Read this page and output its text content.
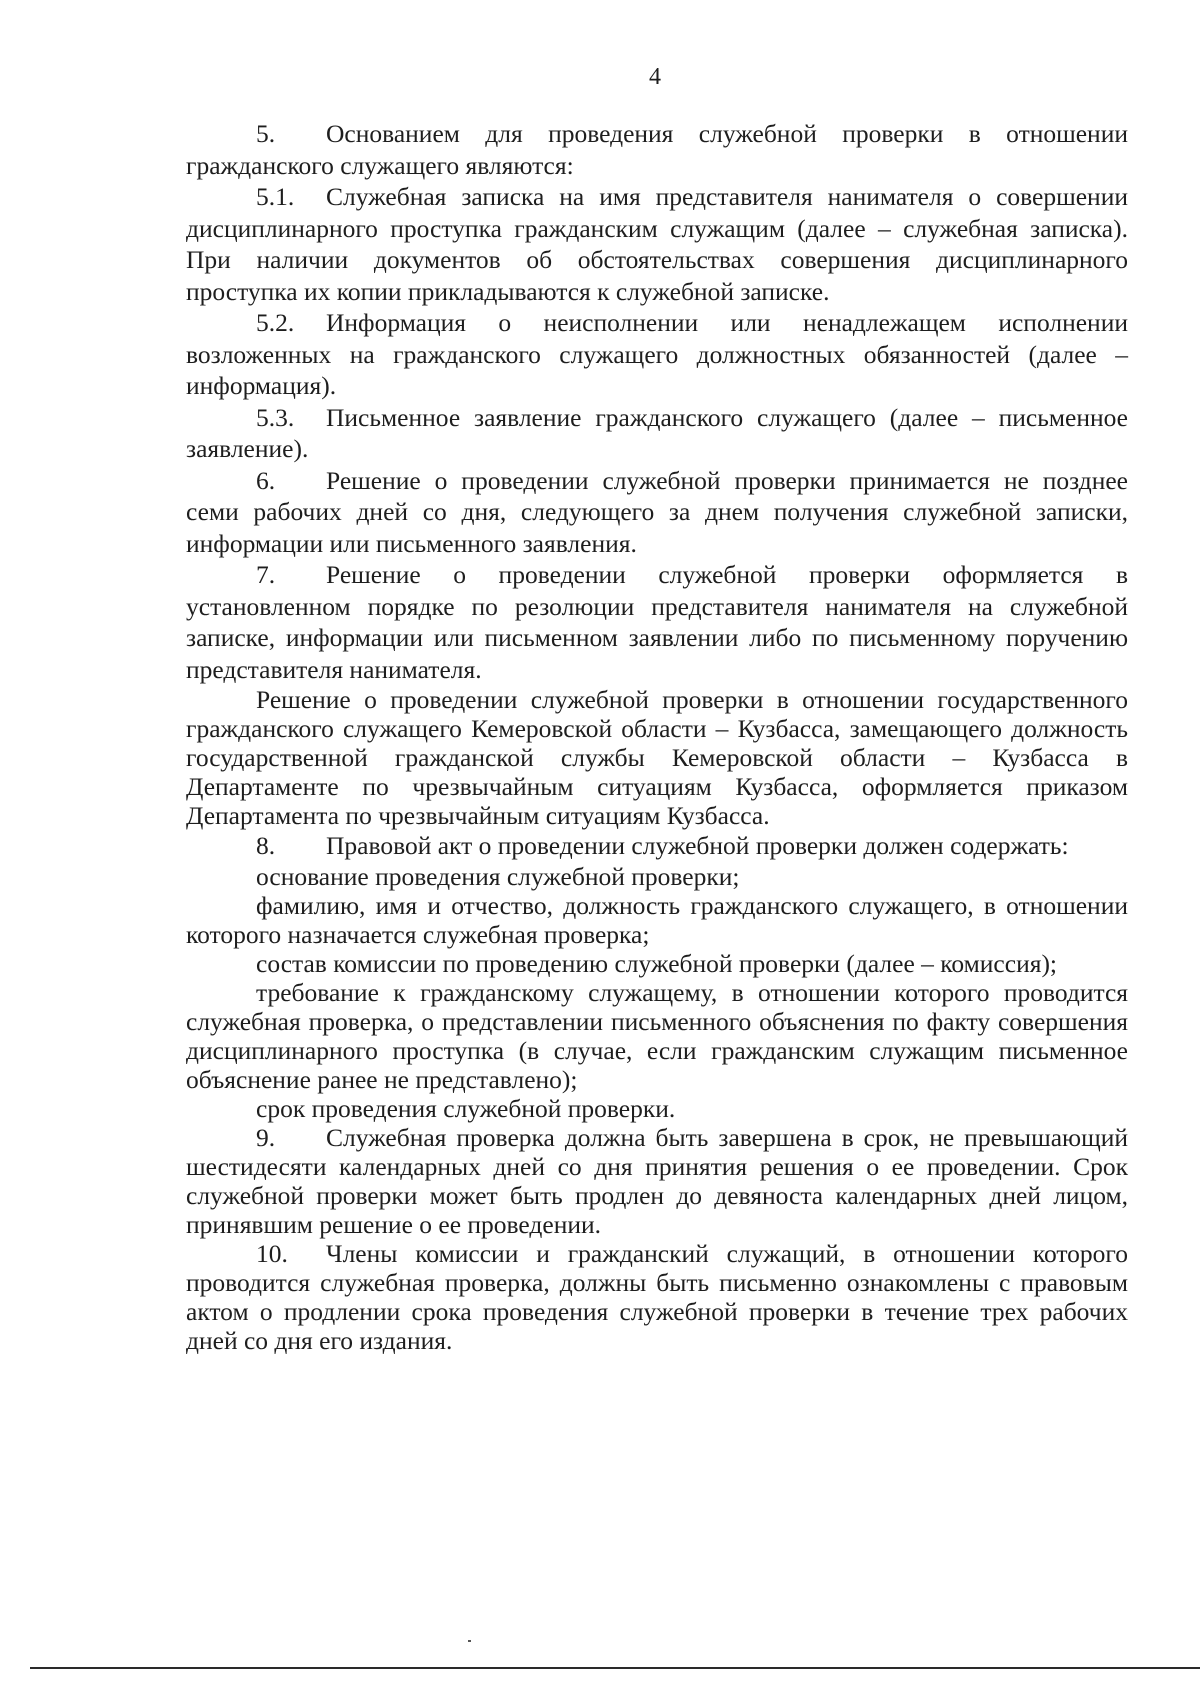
4

5. Основанием для проведения служебной проверки в отношении гражданского служащего являются:

5.1. Служебная записка на имя представителя нанимателя о совершении дисциплинарного проступка гражданским служащим (далее – служебная записка). При наличии документов об обстоятельствах совершения дисциплинарного проступка их копии прикладываются к служебной записке.

5.2. Информация о неисполнении или ненадлежащем исполнении возложенных на гражданского служащего должностных обязанностей (далее – информация).

5.3. Письменное заявление гражданского служащего (далее – письменное заявление).

6. Решение о проведении служебной проверки принимается не позднее семи рабочих дней со дня, следующего за днем получения служебной записки, информации или письменного заявления.

7. Решение о проведении служебной проверки оформляется в установленном порядке по резолюции представителя нанимателя на служебной записке, информации или письменном заявлении либо по письменному поручению представителя нанимателя.

Решение о проведении служебной проверки в отношении государственного гражданского служащего Кемеровской области – Кузбасса, замещающего должность государственной гражданской службы Кемеровской области – Кузбасса в Департаменте по чрезвычайным ситуациям Кузбасса, оформляется приказом Департамента по чрезвычайным ситуациям Кузбасса.

8. Правовой акт о проведении служебной проверки должен содержать:

основание проведения служебной проверки;

фамилию, имя и отчество, должность гражданского служащего, в отношении которого назначается служебная проверка;

состав комиссии по проведению служебной проверки (далее – комиссия);

требование к гражданскому служащему, в отношении которого проводится служебная проверка, о представлении письменного объяснения по факту совершения дисциплинарного проступка (в случае, если гражданским служащим письменное объяснение ранее не представлено);

срок проведения служебной проверки.

9. Служебная проверка должна быть завершена в срок, не превышающий шестидесяти календарных дней со дня принятия решения о ее проведении. Срок служебной проверки может быть продлен до девяноста календарных дней лицом, принявшим решение о ее проведении.

10. Члены комиссии и гражданский служащий, в отношении которого проводится служебная проверка, должны быть письменно ознакомлены с правовым актом о продлении срока проведения служебной проверки в течение трех рабочих дней со дня его издания.
